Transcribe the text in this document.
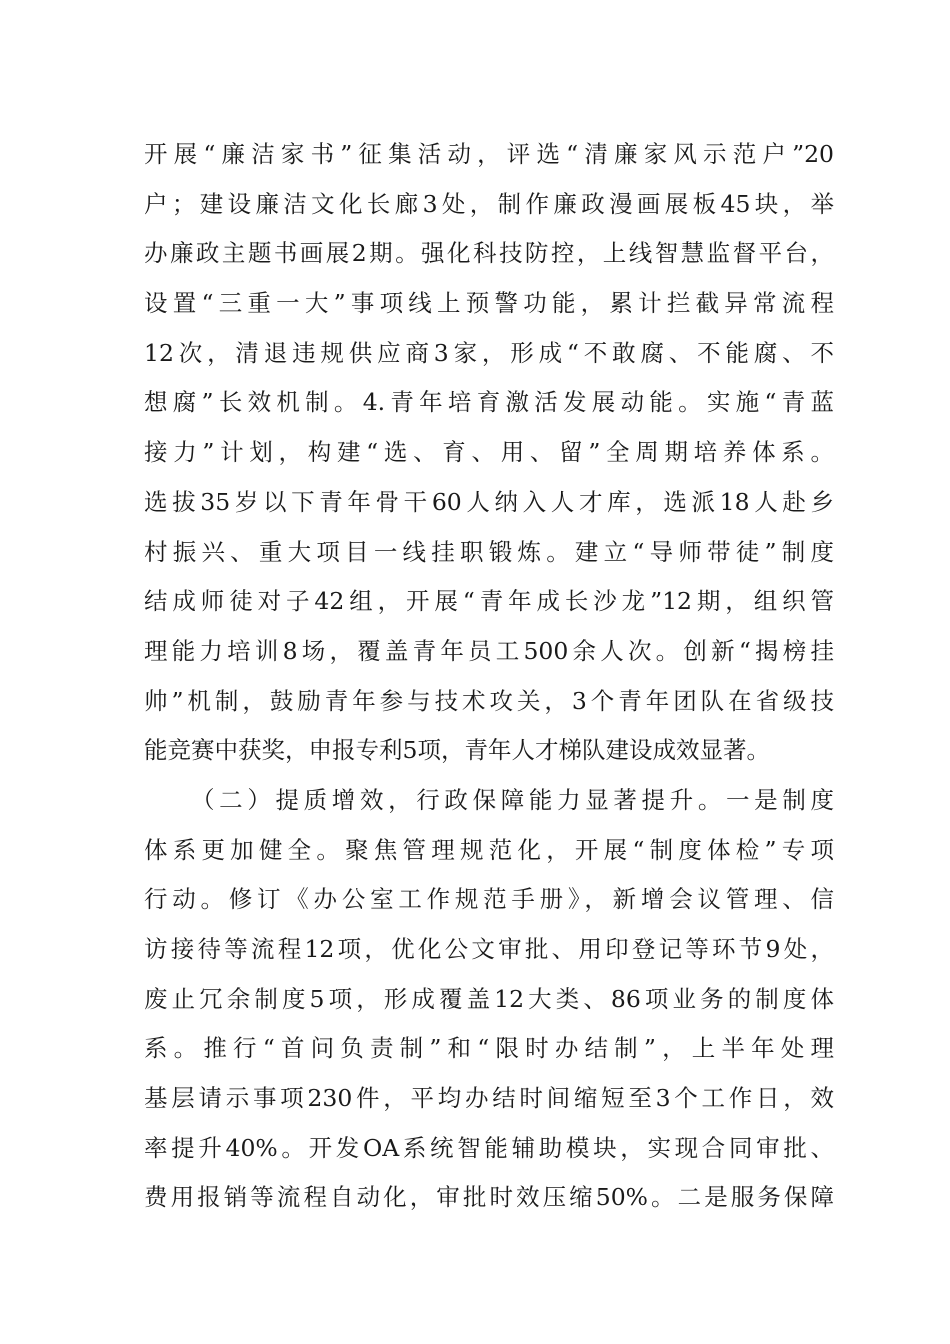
开展“廉洁家书”征集活动，评选“清廉家风示范户”20
户；建设廉洁文化长廊3处，制作廉政漫画展板45块，举
办廉政主题书画展2期。强化科技防控，上线智慧监督平台，
设置“三重一大”事项线上预警功能，累计拦截异常流程
12次，清退违规供应商3家，形成“不敢腐、不能腐、不
想腐”长效机制。4.青年培育激活发展动能。实施“青蓝
接力”计划，构建“选、育、用、留”全周期培养体系。
选拔35岁以下青年骨干60人纳入人才库，选派18人赴乡
村振兴、重大项目一线挂职锻炼。建立“导师带徒”制度
结成师徒对子42组，开展“青年成长沙龙”12期，组织管
理能力培训8场，覆盖青年员工500余人次。创新“揭榜挂
帅”机制，鼓励青年参与技术攻关，3个青年团队在省级技
能竞赛中获奖，申报专利5项，青年人才梯队建设成效显著。
（二）提质增效，行政保障能力显著提升。一是制度
体系更加健全。聚焦管理规范化，开展“制度体检”专项
行动。修订《办公室工作规范手册》，新增会议管理、信
访接待等流程12项，优化公文审批、用印登记等环节9处，
废止冗余制度5项，形成覆盖12大类、86项业务的制度体
系。推行“首问负责制”和“限时办结制”，上半年处理
基层请示事项230件，平均办结时间缩短至3个工作日，效
率提升40%。开发OA系统智能辅助模块，实现合同审批、
费用报销等流程自动化，审批时效压缩50%。二是服务保障
